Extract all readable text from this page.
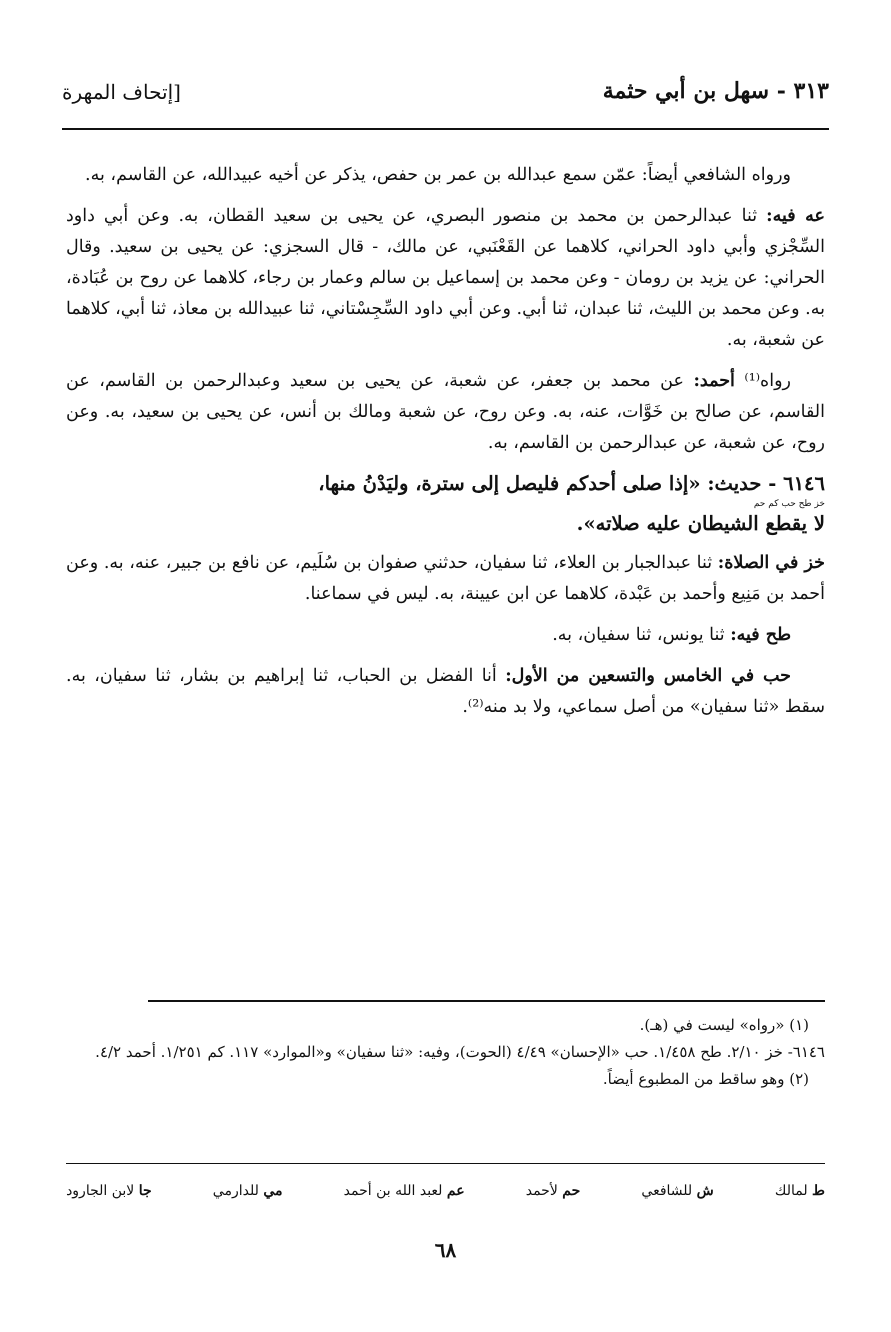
٣١٣ - سهل بن أبي حثمة
[إتحاف المهرة

ورواه الشافعي أيضاً: عمّن سمع عبدالله بن عمر بن حفص، يذكر عن أخيه عبيدالله، عن القاسم، به.

عه فيه: ثنا عبدالرحمن بن محمد بن منصور البصري، عن يحيى بن سعيد القطان، به. وعن أبي داود السِّجْزي وأبي داود الحراني، كلاهما عن القَعْنَبي، عن مالك، - قال السجزي: عن يحيى بن سعيد. وقال الحراني: عن يزيد بن رومان - وعن محمد بن إسماعيل بن سالم وعمار بن رجاء، كلاهما عن روح بن عُبَادة، به. وعن محمد بن الليث، ثنا عبدان، ثنا أبي. وعن أبي داود السِّجِسْتاني، ثنا عبيدالله بن معاذ، ثنا أبي، كلاهما عن شعبة، به.

رواه⁽¹⁾ أحمد: عن محمد بن جعفر، عن شعبة، عن يحيى بن سعيد وعبدالرحمن بن القاسم، عن القاسم، عن صالح بن خَوَّات، عنه، به. وعن روح، عن شعبة ومالك بن أنس، عن يحيى بن سعيد، به. وعن روح، عن شعبة، عن عبدالرحمن بن القاسم، به.

٦١٤٦ - حديث: «إذا صلى أحدكم فليصل إلى سترة، وليَدْنُ منها،
خز طح حب كم حم
لا يقطع الشيطان عليه صلاته».

خز في الصلاة: ثنا عبدالجبار بن العلاء، ثنا سفيان، حدثني صفوان بن سُلَيم، عن نافع بن جبير، عنه، به. وعن أحمد بن مَنِيع وأحمد بن عَبْدة، كلاهما عن ابن عيينة، به. ليس في سماعنا.

طح فيه: ثنا يونس، ثنا سفيان، به.

حب في الخامس والتسعين من الأول: أنا الفضل بن الحباب، ثنا إبراهيم بن بشار، ثنا سفيان، به. سقط «ثنا سفيان» من أصل سماعي، ولا بد منه⁽²⁾.

(١) «رواه» ليست في (هـ).

٦١٤٦- خز ٢/١٠. طح ١/٤٥٨. حب «الإحسان» ٤/٤٩ (الحوت)، وفيه: «ثنا سفيان» و«الموارد» ١١٧. كم ١/٢٥١. أحمد ٤/٢.

(٢) وهو ساقط من المطبوع أيضاً.

ط لمالك
ش للشافعي
حم لأحمد
عم لعبد الله بن أحمد
مي للدارمي
جا لابن الجارود
٦٨
